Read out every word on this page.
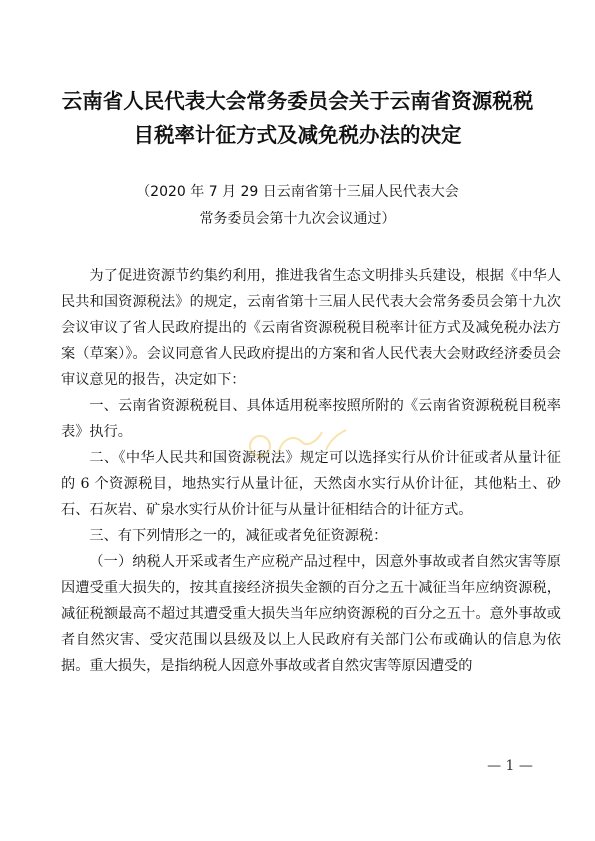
云南省人民代表大会常务委员会关于云南省资源税税
目税率计征方式及减免税办法的决定
（2020 年 7 月 29 日云南省第十三届人民代表大会
常务委员会第十九次会议通过）

为了促进资源节约集约利用，推进我省生态文明排头兵建设，根据《中华人民共和国资源税法》的规定，云南省第十三届人民代表大会常务委员会第十九次会议审议了省人民政府提出的《云南省资源税税目税率计征方式及减免税办法方案（草案）》。会议同意省人民政府提出的方案和省人民代表大会财政经济委员会审议意见的报告，决定如下：

一、云南省资源税税目、具体适用税率按照所附的《云南省资源税税目税率表》执行。

二、《中华人民共和国资源税法》规定可以选择实行从价计征或者从量计征的 6 个资源税目，地热实行从量计征，天然卤水实行从价计征，其他粘土、砂石、石灰岩、矿泉水实行从价计征与从量计征相结合的计征方式。

三、有下列情形之一的，减征或者免征资源税：

（一）纳税人开采或者生产应税产品过程中，因意外事故或者自然灾害等原因遭受重大损失的，按其直接经济损失金额的百分之五十减征当年应纳资源税，减征税额最高不超过其遭受重大损失当年应纳资源税的百分之五十。意外事故或者自然灾害、受灾范围以县级及以上人民政府有关部门公布或确认的信息为依据。重大损失，是指纳税人因意外事故或者自然灾害等原因遭受的

— 1 —
